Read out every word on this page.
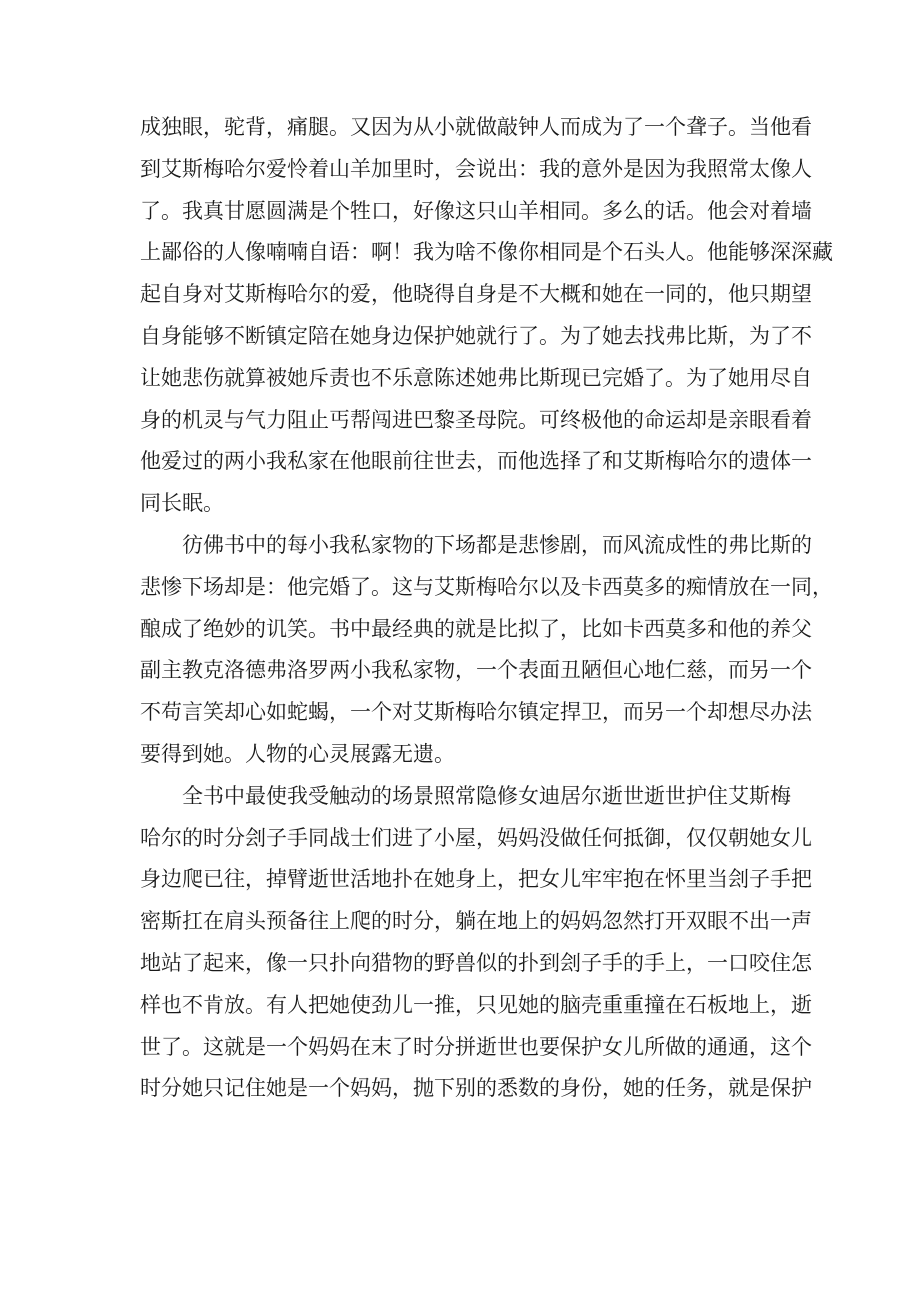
成独眼，驼背，痛腿。又因为从小就做敲钟人而成为了一个聋子。当他看
到艾斯梅哈尔爱怜着山羊加里时，会说出：我的意外是因为我照常太像人
了。我真甘愿圆满是个牲口，好像这只山羊相同。多么的话。他会对着墙
上鄙俗的人像喃喃自语：啊！我为啥不像你相同是个石头人。他能够深深藏
起自身对艾斯梅哈尔的爱，他晓得自身是不大概和她在一同的，他只期望
自身能够不断镇定陪在她身边保护她就行了。为了她去找弗比斯，为了不
让她悲伤就算被她斥责也不乐意陈述她弗比斯现已完婚了。为了她用尽自
身的机灵与气力阻止丐帮闯进巴黎圣母院。可终极他的命运却是亲眼看着
他爱过的两小我私家在他眼前往世去，而他选择了和艾斯梅哈尔的遗体一
同长眠。
彷佛书中的每小我私家物的下场都是悲惨剧，而风流成性的弗比斯的
悲惨下场却是：他完婚了。这与艾斯梅哈尔以及卡西莫多的痴情放在一同，
酿成了绝妙的讥笑。书中最经典的就是比拟了，比如卡西莫多和他的养父
副主教克洛德弗洛罗两小我私家物，一个表面丑陋但心地仁慈，而另一个
不苟言笑却心如蛇蝎，一个对艾斯梅哈尔镇定捍卫，而另一个却想尽办法
要得到她。人物的心灵展露无遗。
全书中最使我受触动的场景照常隐修女迪居尔逝世逝世护住艾斯梅
哈尔的时分刽子手同战士们进了小屋，妈妈没做任何抵御，仅仅朝她女儿
身边爬已往，掉臂逝世活地扑在她身上，把女儿牢牢抱在怀里当刽子手把
密斯扛在肩头预备往上爬的时分，躺在地上的妈妈忽然打开双眼不出一声
地站了起来，像一只扑向猎物的野兽似的扑到刽子手的手上，一口咬住怎
样也不肯放。有人把她使劲儿一推，只见她的脑壳重重撞在石板地上，逝
世了。这就是一个妈妈在末了时分拼逝世也要保护女儿所做的通通，这个
时分她只记住她是一个妈妈，抛下别的悉数的身份，她的任务，就是保护
